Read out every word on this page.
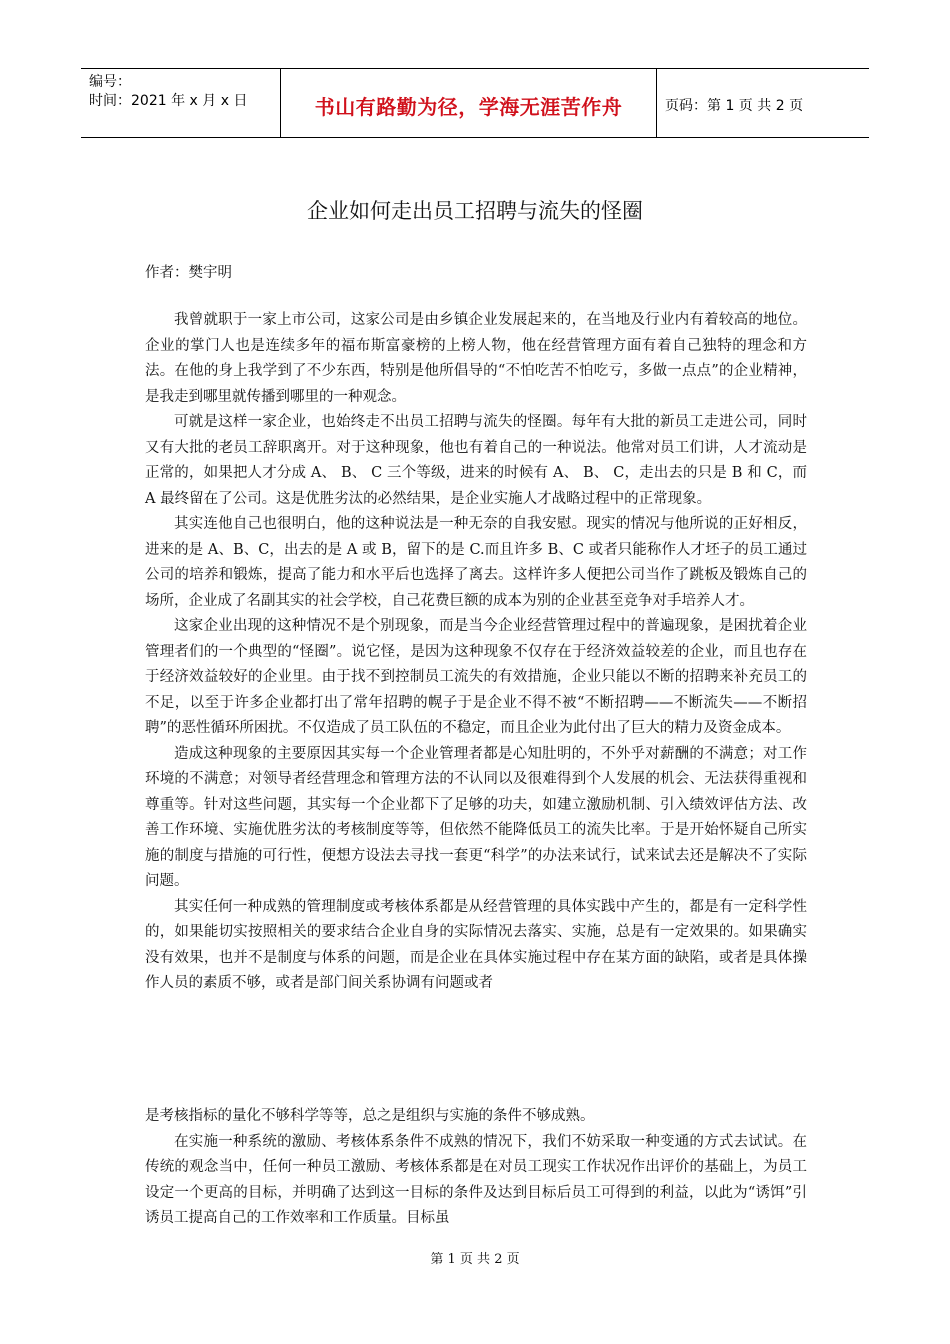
编号：
时间：2021 年 x 月 x 日	书山有路勤为径，学海无涯苦作舟	页码：第 1 页 共 2 页
企业如何走出员工招聘与流失的怪圈
作者：樊宇明

我曾就职于一家上市公司，这家公司是由乡镇企业发展起来的，在当地及行业内有着较高的地位。企业的掌门人也是连续多年的福布斯富豪榜的上榜人物，他在经营管理方面有着自己独特的理念和方法。在他的身上我学到了不少东西，特别是他所倡导的“不怕吃苦不怕吃亏，多做一点点”的企业精神，是我走到哪里就传播到哪里的一种观念。

可就是这样一家企业，也始终走不出员工招聘与流失的怪圈。每年有大批的新员工走进公司，同时又有大批的老员工辞职离开。对于这种现象，他也有着自己的一种说法。他常对员工们讲，人才流动是正常的，如果把人才分成 A、 B、 C 三个等级，进来的时候有 A、 B、 C，走出去的只是 B 和 C，而 A 最终留在了公司。这是优胜劣汰的必然结果，是企业实施人才战略过程中的正常现象。

其实连他自己也很明白，他的这种说法是一种无奈的自我安慰。现实的情况与他所说的正好相反，进来的是 A、B、C，出去的是 A 或 B，留下的是 C.而且许多 B、C 或者只能称作人才坯子的员工通过公司的培养和锻炼，提高了能力和水平后也选择了离去。这样许多人便把公司当作了跳板及锻炼自己的场所，企业成了名副其实的社会学校，自己花费巨额的成本为别的企业甚至竞争对手培养人才。

这家企业出现的这种情况不是个别现象，而是当今企业经营管理过程中的普遍现象，是困扰着企业管理者们的一个典型的“怪圈”。说它怪，是因为这种现象不仅存在于经济效益较差的企业，而且也存在于经济效益较好的企业里。由于找不到控制员工流失的有效措施，企业只能以不断的招聘来补充员工的不足，以至于许多企业都打出了常年招聘的幌子于是企业不得不被“不断招聘——不断流失——不断招聘”的恶性循环所困扰。不仅造成了员工队伍的不稳定，而且企业为此付出了巨大的精力及资金成本。

造成这种现象的主要原因其实每一个企业管理者都是心知肚明的，不外乎对薪酬的不满意；对工作环境的不满意；对领导者经营理念和管理方法的不认同以及很难得到个人发展的机会、无法获得重视和尊重等。针对这些问题，其实每一个企业都下了足够的功夫，如建立激励机制、引入绩效评估方法、改善工作环境、实施优胜劣汰的考核制度等等，但依然不能降低员工的流失比率。于是开始怀疑自己所实施的制度与措施的可行性，便想方设法去寻找一套更“科学”的办法来试行，试来试去还是解决不了实际问题。

其实任何一种成熟的管理制度或考核体系都是从经营管理的具体实践中产生的，都是有一定科学性的，如果能切实按照相关的要求结合企业自身的实际情况去落实、实施，总是有一定效果的。如果确实没有效果，也并不是制度与体系的问题，而是企业在具体实施过程中存在某方面的缺陷，或者是具体操作人员的素质不够，或者是部门间关系协调有问题或者

是考核指标的量化不够科学等等，总之是组织与实施的条件不够成熟。

在实施一种系统的激励、考核体系条件不成熟的情况下，我们不妨采取一种变通的方式去试试。在传统的观念当中，任何一种员工激励、考核体系都是在对员工现实工作状况作出评价的基础上，为员工设定一个更高的目标，并明确了达到这一目标的条件及达到目标后员工可得到的利益，以此为“诱饵”引诱员工提高自己的工作效率和工作质量。目标虽

第 1 页 共 2 页
